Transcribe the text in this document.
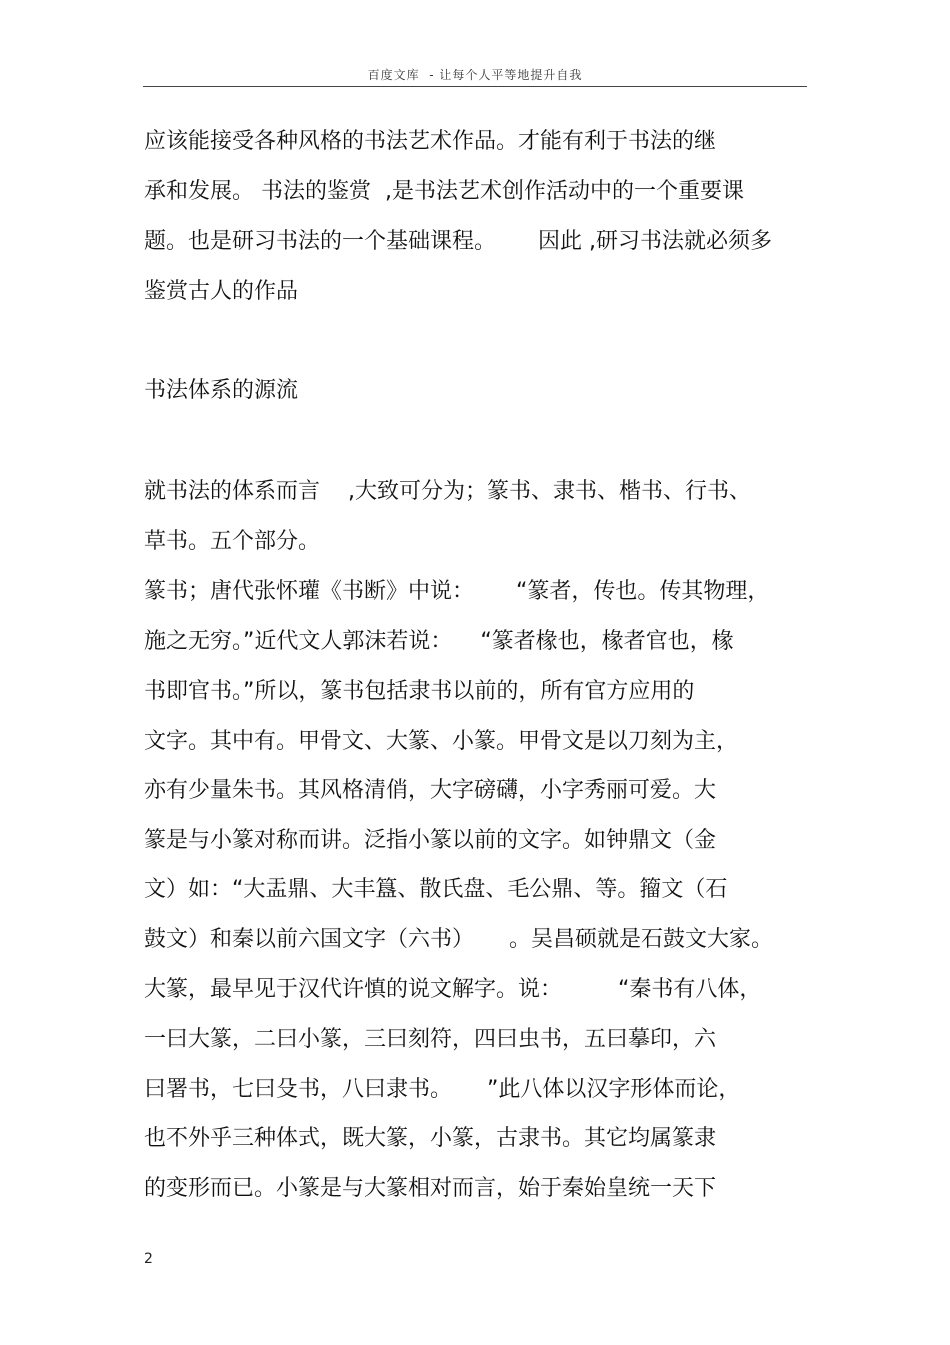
百度文库  - 让每个人平等地提升自我
应该能接受各种风格的书法艺术作品。才能有利于书法的继
承和发展。 书法的鉴赏  ,是书法艺术创作活动中的一个重要课
题。也是研习书法的一个基础课程。      因此 ,研习书法就必须多
鉴赏古人的作品
书法体系的源流
就书法的体系而言    ,大致可分为；篆书、隶书、楷书、行书、
草书。五个部分。
篆书；唐代张怀瓘《书断》中说：      “篆者，传也。传其物理，
施之无穷。”近代文人郭沫若说：    “篆者椽也，椽者官也，椽
书即官书。”所以，篆书包括隶书以前的，所有官方应用的
文字。其中有。甲骨文、大篆、小篆。甲骨文是以刀刻为主，
亦有少量朱书。其风格清俏，大字磅礴，小字秀丽可爱。大
篆是与小篆对称而讲。泛指小篆以前的文字。如钟鼎文（金
文）如：“大盂鼎、大丰簋、散氏盘、毛公鼎、等。籀文（石
鼓文）和秦以前六国文字（六书）     。吴昌硕就是石鼓文大家。
大篆，最早见于汉代许慎的说文解字。说：        “秦书有八体，
一曰大篆，二曰小篆，三曰刻符，四曰虫书，五曰摹印，六
曰署书，七曰殳书，八曰隶书。     ”此八体以汉字形体而论，
也不外乎三种体式，既大篆，小篆，古隶书。其它均属篆隶
的变形而已。小篆是与大篆相对而言，始于秦始皇统一天下
2
